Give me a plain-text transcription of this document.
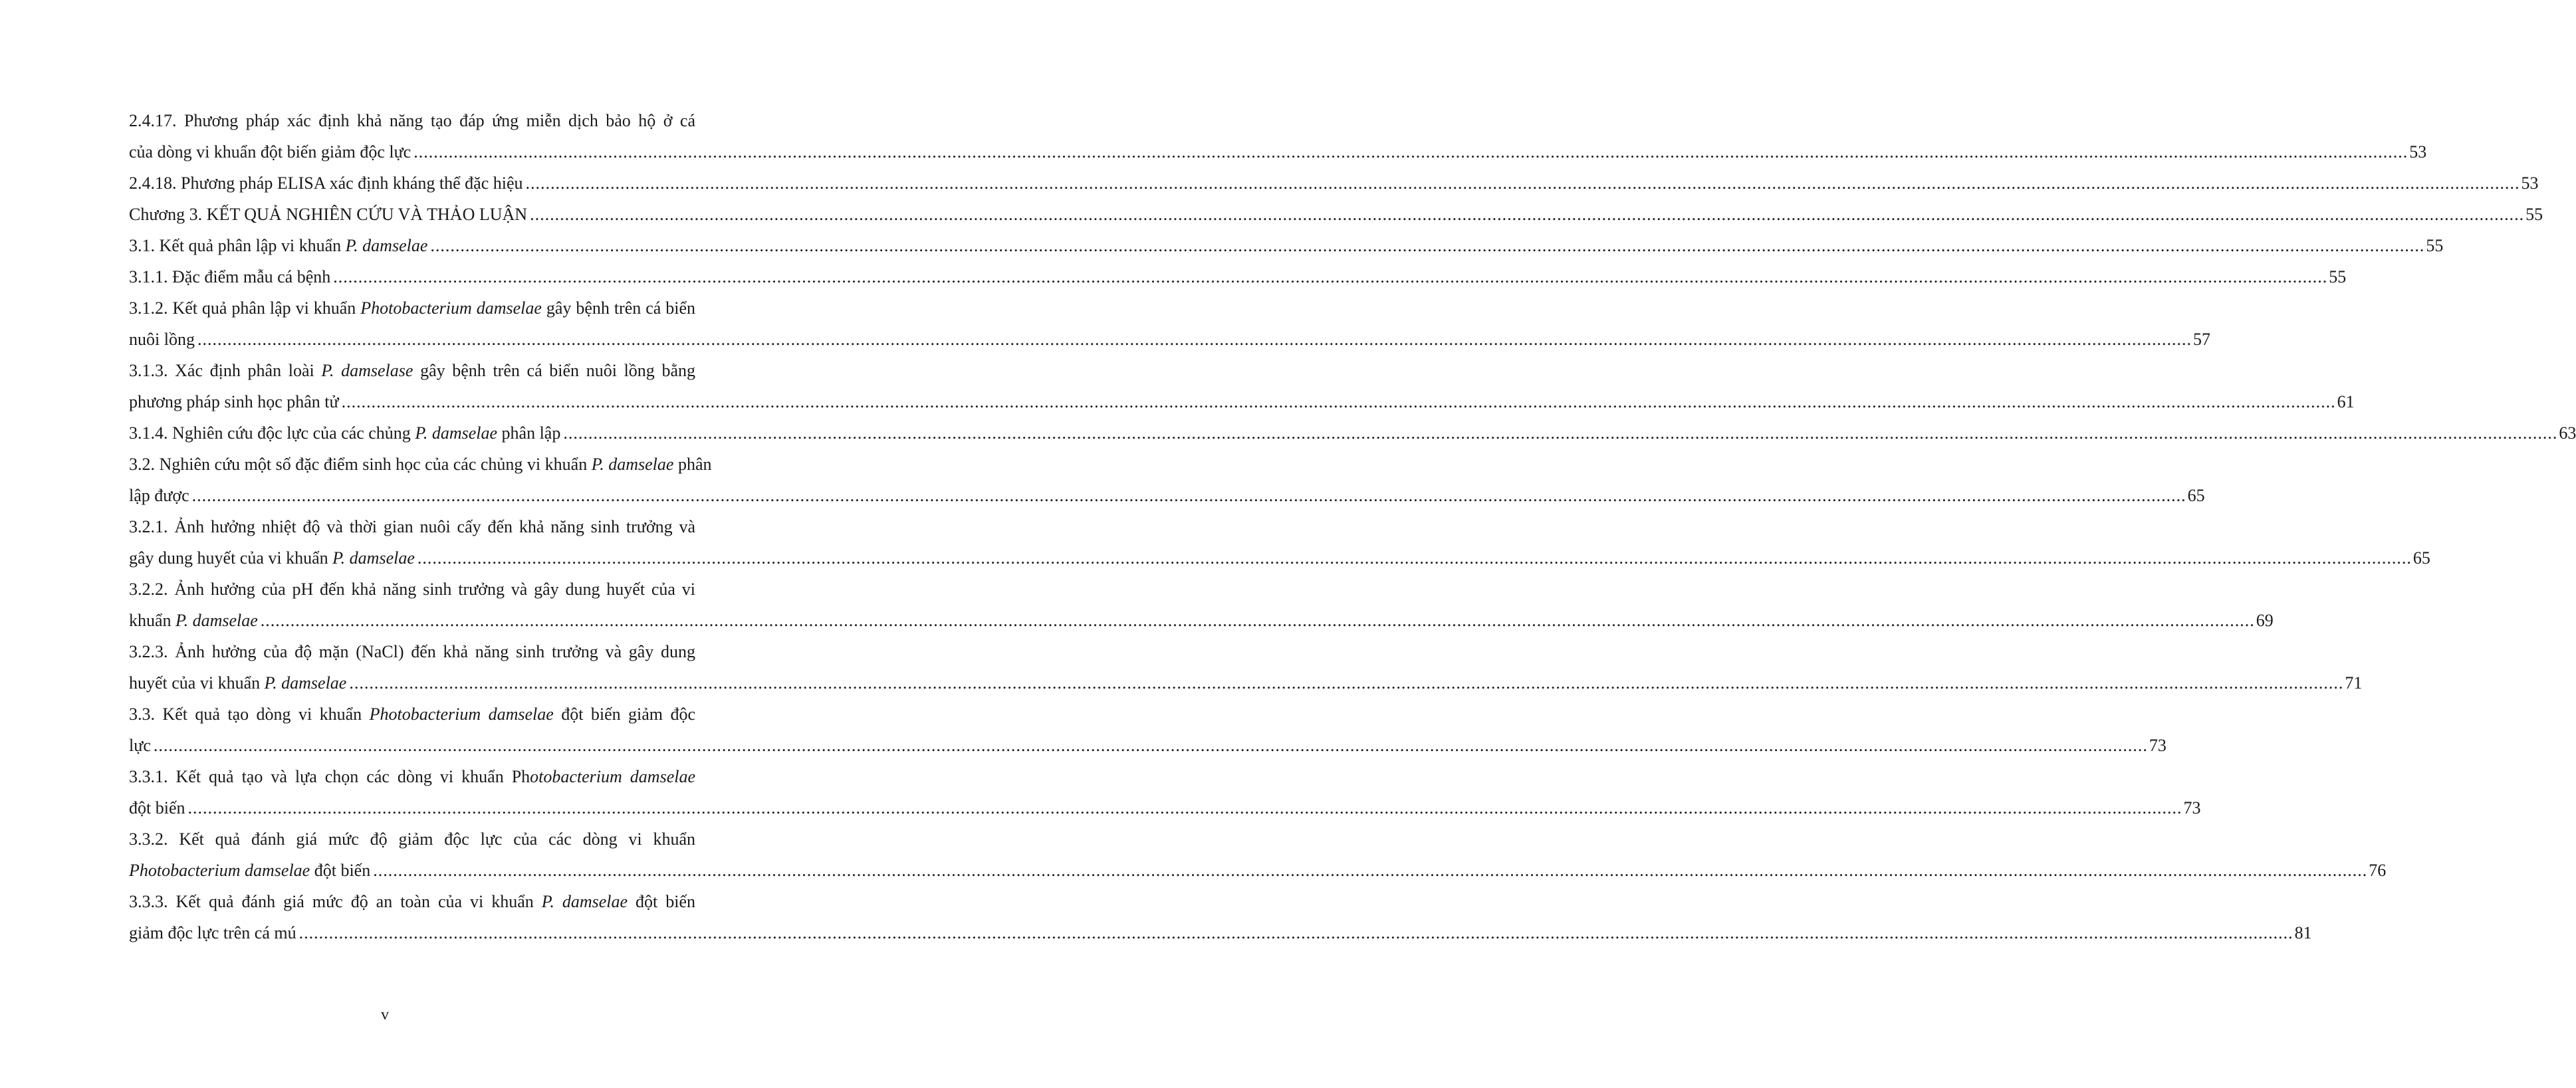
2.4.17. Phương pháp xác định khả năng tạo đáp ứng miễn dịch bảo hộ ở cá
của dòng vi khuẩn đột biến giảm độc lực ................................................................................................................................................................................................................................................................................................................................................................................................................ 53
2.4.18. Phương pháp ELISA xác định kháng thể đặc hiệu ................................................................................................................................................................................................................................................................................................................................................................................................................ 53
Chương 3. KẾT QUẢ NGHIÊN CỨU VÀ THẢO LUẬN ................................................................................................................................................................................................................................................................................................................................................................................................................ 55
3.1. Kết quả phân lập vi khuẩn P. damselae ................................................................................................................................................................................................................................................................................................................................................................................................................ 55
3.1.1. Đặc điểm mẫu cá bệnh ................................................................................................................................................................................................................................................................................................................................................................................................................ 55
3.1.2. Kết quả phân lập vi khuẩn Photobacterium damselae gây bệnh trên cá biển
nuôi lồng ................................................................................................................................................................................................................................................................................................................................................................................................................ 57
3.1.3. Xác định phân loài P. damselase gây bệnh trên cá biển nuôi lồng bằng
phương pháp sinh học phân tử ................................................................................................................................................................................................................................................................................................................................................................................................................ 61
3.1.4. Nghiên cứu độc lực của các chủng P. damselae phân lập ................................................................................................................................................................................................................................................................................................................................................................................................................ 63
3.2. Nghiên cứu một số đặc điểm sinh học của các chủng vi khuẩn P. damselae phân
lập được ................................................................................................................................................................................................................................................................................................................................................................................................................ 65
3.2.1. Ảnh hưởng nhiệt độ và thời gian nuôi cấy đến khả năng sinh trưởng và
gây dung huyết của vi khuẩn P. damselae ................................................................................................................................................................................................................................................................................................................................................................................................................ 65
3.2.2. Ảnh hưởng của pH đến khả năng sinh trưởng và gây dung huyết của vi
khuẩn P. damselae ................................................................................................................................................................................................................................................................................................................................................................................................................ 69
3.2.3. Ảnh hưởng của độ mặn (NaCl) đến khả năng sinh trưởng và gây dung
huyết của vi khuẩn P. damselae ................................................................................................................................................................................................................................................................................................................................................................................................................ 71
3.3. Kết quả tạo dòng vi khuẩn Photobacterium damselae đột biến giảm độc
lực ................................................................................................................................................................................................................................................................................................................................................................................................................ 73
3.3.1. Kết quả tạo và lựa chọn các dòng vi khuẩn Photobacterium damselae
đột biến ................................................................................................................................................................................................................................................................................................................................................................................................................ 73
3.3.2. Kết quả đánh giá mức độ giảm độc lực của các dòng vi khuẩn
Photobacterium damselae đột biến ................................................................................................................................................................................................................................................................................................................................................................................................................ 76
3.3.3. Kết quả đánh giá mức độ an toàn của vi khuẩn P. damselae đột biến
giảm độc lực trên cá mú ................................................................................................................................................................................................................................................................................................................................................................................................................ 81
v
